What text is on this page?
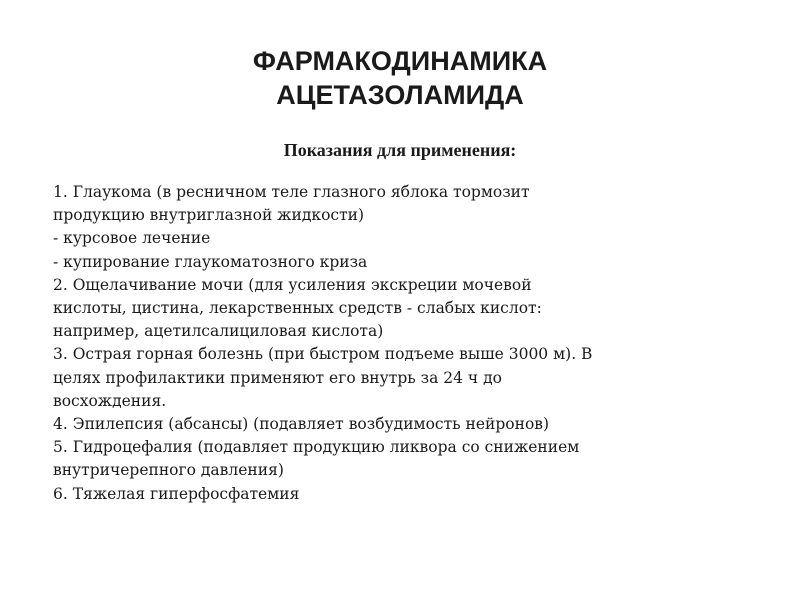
ФАРМАКОДИНАМИКА
АЦЕТАЗОЛАМИДА

Показания для применения:

1. Глаукома (в ресничном теле глазного яблока тормозит
продукцию внутриглазной жидкости)
- курсовое лечение
- купирование глаукоматозного криза
2. Ощелачивание мочи (для усиления экскреции мочевой
кислоты, цистина, лекарственных средств - слабых кислот:
например, ацетилсалициловая кислота)
3. Острая горная болезнь (при быстром подъеме выше 3000 м). В
целях профилактики применяют его внутрь за 24 ч до
восхождения.
4. Эпилепсия (абсансы) (подавляет возбудимость нейронов)
5. Гидроцефалия (подавляет продукцию ликвора со снижением
внутричерепного давления)
6. Тяжелая гиперфосфатемия
